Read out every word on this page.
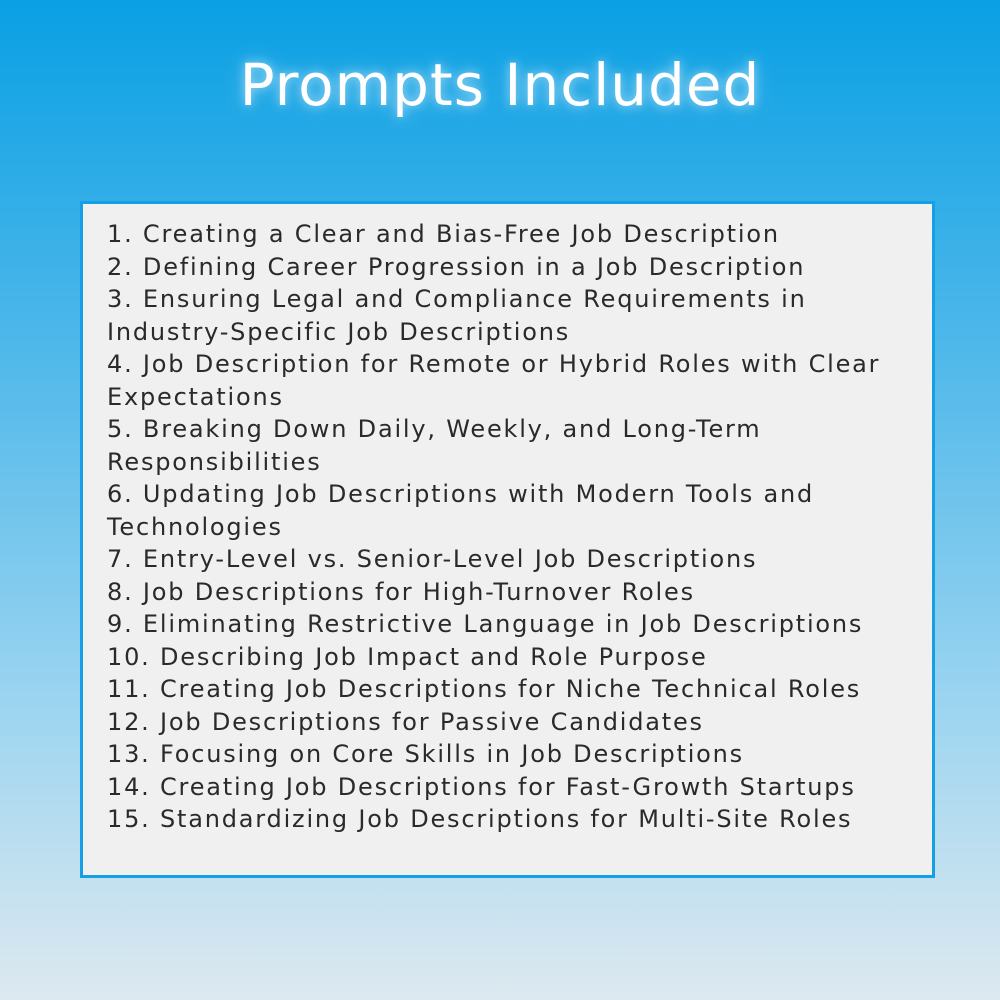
Prompts Included
1. Creating a Clear and Bias-Free Job Description
2. Defining Career Progression in a Job Description
3. Ensuring Legal and Compliance Requirements in Industry-Specific Job Descriptions
4. Job Description for Remote or Hybrid Roles with Clear Expectations
5. Breaking Down Daily, Weekly, and Long-Term Responsibilities
6. Updating Job Descriptions with Modern Tools and Technologies
7. Entry-Level vs. Senior-Level Job Descriptions
8. Job Descriptions for High-Turnover Roles
9. Eliminating Restrictive Language in Job Descriptions
10. Describing Job Impact and Role Purpose
11. Creating Job Descriptions for Niche Technical Roles
12. Job Descriptions for Passive Candidates
13. Focusing on Core Skills in Job Descriptions
14. Creating Job Descriptions for Fast-Growth Startups
15. Standardizing Job Descriptions for Multi-Site Roles
